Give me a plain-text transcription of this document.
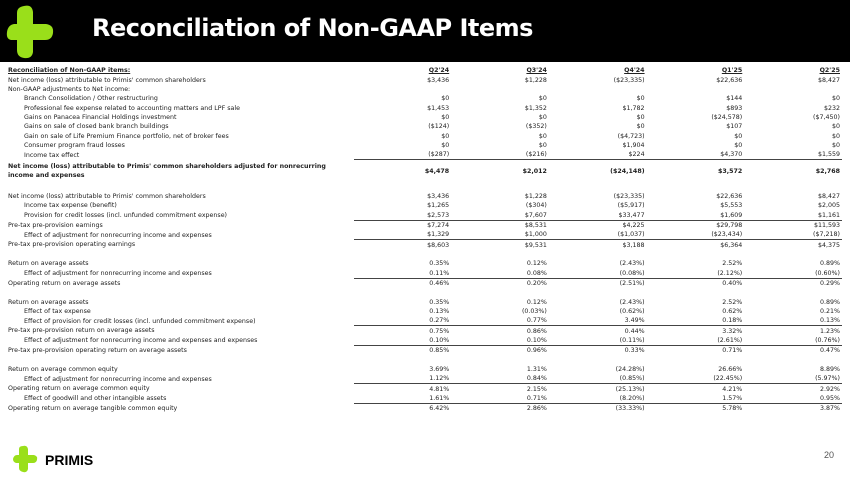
Reconciliation of Non-GAAP Items
Reconciliation of Non-GAAP items:	Q2'24	Q3'24	Q4'24	Q1'25	Q2'25
Net income (loss) attributable to Primis' common shareholders	$3,436	$1,228	($23,335)	$22,636	$8,427
Non-GAAP adjustments to Net income:					
Branch Consolidation / Other restructuring	$0	$0	$0	$144	$0
Professional fee expense related to accounting matters and LPF sale	$1,453	$1,352	$1,782	$893	$232
Gains on Panacea Financial Holdings investment	$0	$0	$0	($24,578)	($7,450)
Gains on sale of closed bank branch buildings	($124)	($352)	$0	$107	$0
Gain on sale of Life Premium Finance portfolio, net of broker fees	$0	$0	($4,723)	$0	$0
Consumer program fraud losses	$0	$0	$1,904	$0	$0
Income tax effect	($287)	($216)	$224	$4,370	$1,559
Net income (loss) attributable to Primis' common shareholders adjusted for nonrecurring income and expenses	$4,478	$2,012	($24,148)	$3,572	$2,768

Net income (loss) attributable to Primis' common shareholders	$3,436	$1,228	($23,335)	$22,636	$8,427
Income tax expense (benefit)	$1,265	($304)	($5,917)	$5,553	$2,005
Provision for credit losses (incl. unfunded commitment expense)	$2,573	$7,607	$33,477	$1,609	$1,161
Pre-tax pre-provision earnings	$7,274	$8,531	$4,225	$29,798	$11,593
Effect of adjustment for nonrecurring income and expenses	$1,329	$1,000	($1,037)	($23,434)	($7,218)
Pre-tax pre-provision operating earnings	$8,603	$9,531	$3,188	$6,364	$4,375

Return on average assets	0.35%	0.12%	(2.43%)	2.52%	0.89%
Effect of adjustment for nonrecurring income and expenses	0.11%	0.08%	(0.08%)	(2.12%)	(0.60%)
Operating return on average assets	0.46%	0.20%	(2.51%)	0.40%	0.29%

Return on average assets	0.35%	0.12%	(2.43%)	2.52%	0.89%
Effect of tax expense	0.13%	(0.03%)	(0.62%)	0.62%	0.21%
Effect of provision for credit losses (incl. unfunded commitment expense)	0.27%	0.77%	3.49%	0.18%	0.13%
Pre-tax pre-provision return on average assets	0.75%	0.86%	0.44%	3.32%	1.23%
Effect of adjustment for nonrecurring income and expenses and expenses	0.10%	0.10%	(0.11%)	(2.61%)	(0.76%)
Pre-tax pre-provision operating return on average assets	0.85%	0.96%	0.33%	0.71%	0.47%

Return on average common equity	3.69%	1.31%	(24.28%)	26.66%	8.89%
Effect of adjustment for nonrecurring income and expenses	1.12%	0.84%	(0.85%)	(22.45%)	(5.97%)
Operating return on average common equity	4.81%	2.15%	(25.13%)	4.21%	2.92%
Effect of goodwill and other intangible assets	1.61%	0.71%	(8.20%)	1.57%	0.95%
Operating return on average tangible common equity	6.42%	2.86%	(33.33%)	5.78%	3.87%
PRIMIS	20
